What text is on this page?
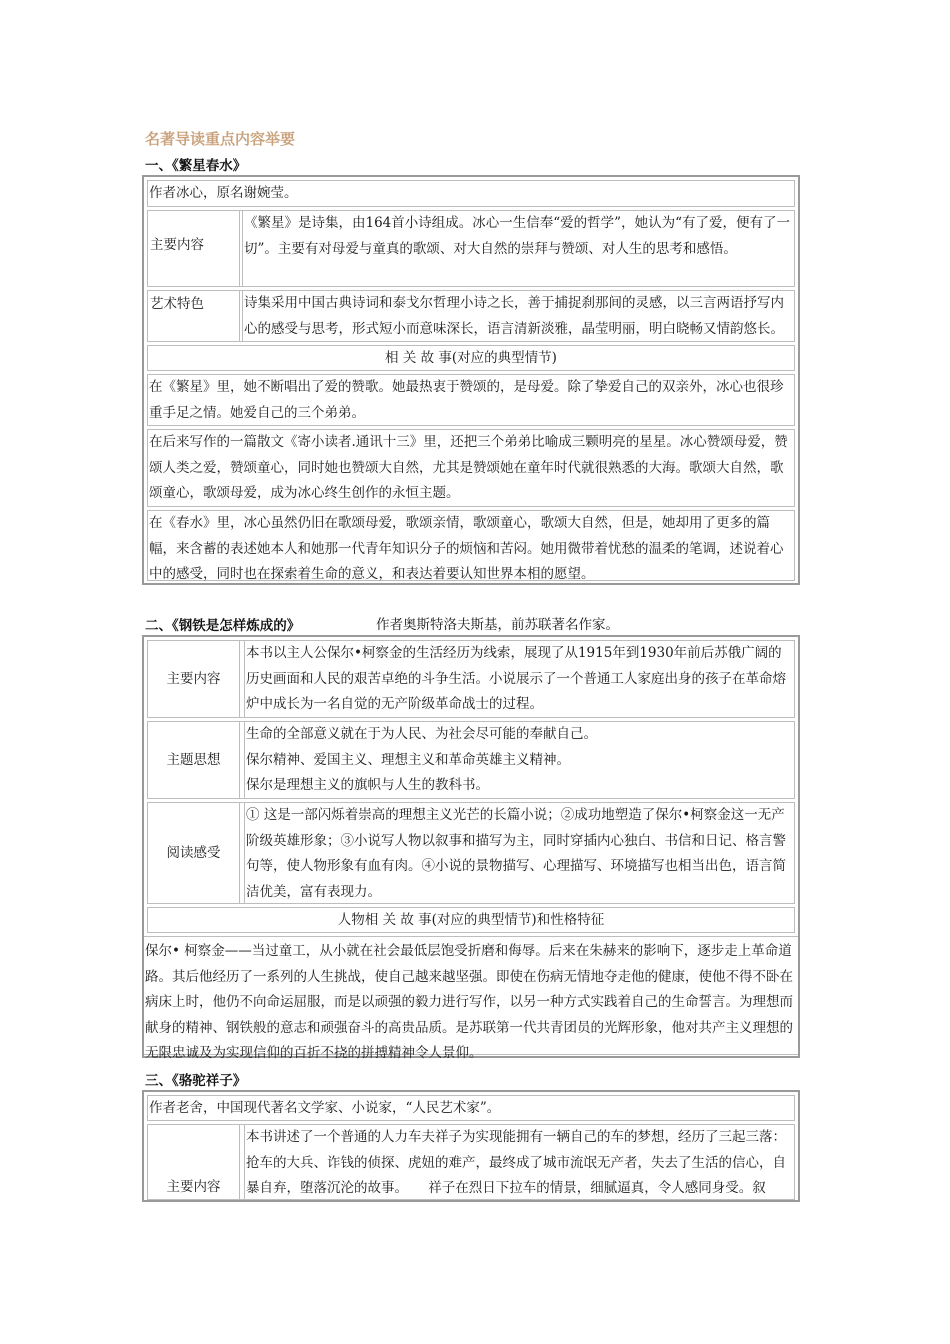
名著导读重点内容举要
一、《繁星春水》
作者冰心，原名谢婉莹。
主要内容
《繁星》是诗集，由164首小诗组成。冰心一生信奉“爱的哲学”，她认为“有了爱，便有了一切”。主要有对母爱与童真的歌颂、对大自然的崇拜与赞颂、对人生的思考和感悟。
艺术特色	诗集采用中国古典诗词和泰戈尔哲理小诗之长，善于捕捉刹那间的灵感，以三言两语抒写内心的感受与思考，形式短小而意味深长，语言清新淡雅，晶莹明丽，明白晓畅又情韵悠长。
相 关 故 事(对应的典型情节)
在《繁星》里，她不断唱出了爱的赞歌。她最热衷于赞颂的，是母爱。除了挚爱自己的双亲外，冰心也很珍重手足之情。她爱自己的三个弟弟。
在后来写作的一篇散文《寄小读者.通讯十三》里，还把三个弟弟比喻成三颗明亮的星星。冰心赞颂母爱，赞颂人类之爱，赞颂童心，同时她也赞颂大自然，尤其是赞颂她在童年时代就很熟悉的大海。歌颂大自然，歌颂童心，歌颂母爱，成为冰心终生创作的永恒主题。
在《春水》里，冰心虽然仍旧在歌颂母爱，歌颂亲情，歌颂童心，歌颂大自然，但是，她却用了更多的篇幅，来含蓄的表述她本人和她那一代青年知识分子的烦恼和苦闷。她用微带着忧愁的温柔的笔调，述说着心中的感受，同时也在探索着生命的意义，和表达着要认知世界本相的愿望。
二、《钢铁是怎样炼成的》	作者奥斯特洛夫斯基，前苏联著名作家。
主要内容
本书以主人公保尔•柯察金的生活经历为线索，展现了从1915年到1930年前后苏俄广阔的历史画面和人民的艰苦卓绝的斗争生活。小说展示了一个普通工人家庭出身的孩子在革命熔炉中成长为一名自觉的无产阶级革命战士的过程。
主题思想
生命的全部意义就在于为人民、为社会尽可能的奉献自己。
保尔精神、爱国主义、理想主义和革命英雄主义精神。
保尔是理想主义的旗帜与人生的教科书。
阅读感受
① 这是一部闪烁着崇高的理想主义光芒的长篇小说；②成功地塑造了保尔•柯察金这一无产阶级英雄形象；③小说写人物以叙事和描写为主，同时穿插内心独白、书信和日记、格言警句等，使人物形象有血有肉。④小说的景物描写、心理描写、环境描写也相当出色，语言简洁优美，富有表现力。
人物相 关 故 事(对应的典型情节)和性格特征
保尔• 柯察金——当过童工，从小就在社会最低层饱受折磨和侮辱。后来在朱赫来的影响下，逐步走上革命道路。其后他经历了一系列的人生挑战，使自己越来越坚强。即使在伤病无情地夺走他的健康，使他不得不卧在病床上时，他仍不向命运屈服，而是以顽强的毅力进行写作，以另一种方式实践着自己的生命誓言。为理想而献身的精神、钢铁般的意志和顽强奋斗的高贵品质。是苏联第一代共青团员的光辉形象，他对共产主义理想的无限忠诚及为实现信仰的百折不挠的拼搏精神令人景仰。
三、《骆驼祥子》
作者老舍，中国现代著名文学家、小说家，“人民艺术家”。
主要内容
本书讲述了一个普通的人力车夫祥子为实现能拥有一辆自己的车的梦想，经历了三起三落：抢车的大兵、诈钱的侦探、虎妞的难产，最终成了城市流氓无产者，失去了生活的信心，自暴自弃，堕落沉沦的故事。　　祥子在烈日下拉车的情景，细腻逼真，令人感同身受。叙
